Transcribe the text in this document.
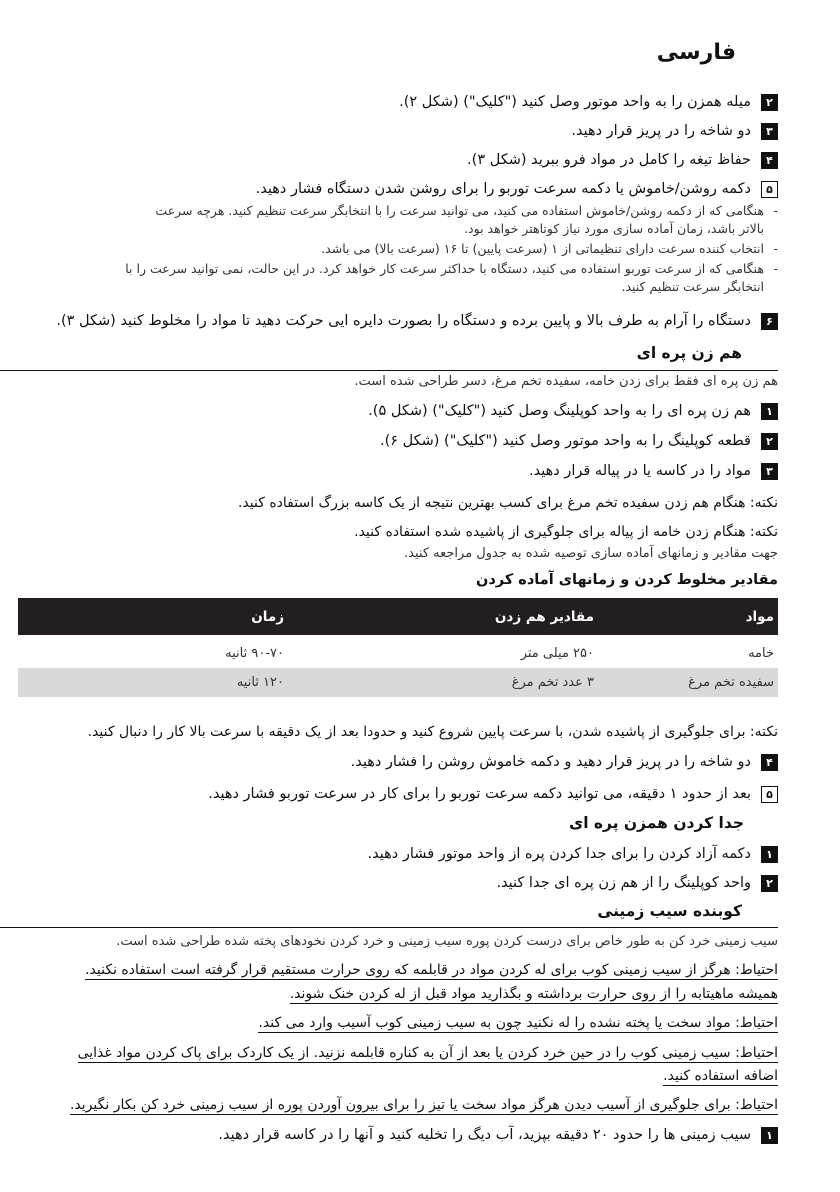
فارسی
۲
میله همزن را به واحد موتور وصل کنید ("کلیک") (شکل ۲).
۳
دو شاخه را در پریز قرار دهید.
۴
حفاظ تیغه را کامل در مواد فرو ببرید (شکل ۳).
۵
دکمه روشن/خاموش یا دکمه سرعت توربو را برای روشن شدن دستگاه فشار دهید.
-هنگامی که از دکمه روشن/خاموش استفاده می کنید، می توانید سرعت را با انتخابگر سرعت تنظیم کنید. هرچه سرعت
بالاتر باشد، زمان آماده سازی مورد نیاز کوتاهتر خواهد بود.
-انتخاب کننده سرعت دارای تنظیماتی از ۱ (سرعت پایین) تا ۱۶ (سرعت بالا) می باشد.
-هنگامی که از سرعت توربو استفاده می کنید، دستگاه با حداکثر سرعت کار خواهد کرد. در این حالت، نمی توانید سرعت را با
انتخابگر سرعت تنظیم کنید.
۶
دستگاه را آرام به طرف بالا و پایین برده و دستگاه را بصورت دایره ایی حرکت دهید تا مواد را مخلوط کنید (شکل ۳).
هم زن پره ای
هم زن پره ای فقط برای زدن خامه، سفیده تخم مرغ، دسر طراحی شده است.
۱
هم زن پره ای را به واحد کوپلینگ وصل کنید ("کلیک") (شکل ۵).
۲
قطعه کوپلینگ را به واحد موتور وصل کنید ("کلیک") (شکل ۶).
۳
مواد را در کاسه یا در پیاله قرار دهید.
نکته: هنگام هم زدن سفیده تخم مرغ برای کسب بهترین نتیجه از یک کاسه بزرگ استفاده کنید.
نکته: هنگام زدن خامه از پیاله برای جلوگیری از پاشیده شده استفاده کنید.
جهت مقادیر و زمانهای آماده سازی توصیه شده به جدول مراجعه کنید.
مقادیر مخلوط کردن و زمانهای آماده کردن
مواد
مقادیر هم زدن
زمان
خامه
۲۵۰ میلی متر
۹۰-۷۰ ثانیه
سفیده تخم مرغ
۳ عدد تخم مرغ
۱۲۰ ثانیه
نکته: برای جلوگیری از پاشیده شدن، با سرعت پایین شروع کنید و حدودا بعد از یک دقیقه با سرعت بالا کار را دنبال کنید.
۴
دو شاخه را در پریز قرار دهید و دکمه خاموش روشن را فشار دهید.
۵
بعد از حدود ۱ دقیقه، می توانید دکمه سرعت توربو را برای کار در سرعت توربو فشار دهید.
جدا کردن همزن پره ای
۱
دکمه آزاد کردن را برای جدا کردن پره از واحد موتور فشار دهید.
۲
واحد کوپلینگ را از هم زن پره ای جدا کنید.
کوبنده سیب زمینی
سیب زمینی خرد کن به طور خاص برای درست کردن پوره سیب زمینی و خرد کردن نخودهای پخته شده طراحی شده است.
احتیاط: هرگز از سیب زمینی کوب برای له کردن مواد در قابلمه که روی حرارت مستقیم قرار گرفته است استفاده نکنید.
همیشه ماهیتابه را از روی حرارت برداشته و بگذارید مواد قبل از له کردن خنک شوند.
احتیاط: مواد سخت یا پخته نشده را له نکنید چون به سیب زمینی کوب آسیب وارد می کند.
احتیاط: سیب زمینی کوب را در حین خرد کردن یا بعد از آن به کناره قابلمه نزنید. از یک کاردک برای پاک کردن مواد غذایی
اضافه استفاده کنید.
احتیاط: برای جلوگیری از آسیب دیدن هرگز مواد سخت یا تیز را برای بیرون آوردن پوره از سیب زمینی خرد کن بکار نگیرید.
۱
سیب زمینی ها را حدود ۲۰ دقیقه بپزید، آب دیگ را تخلیه کنید و آنها را در کاسه قرار دهید.
